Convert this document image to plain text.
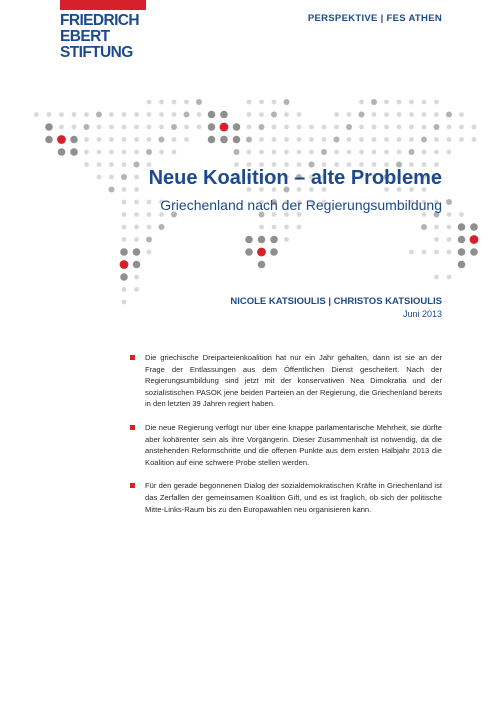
FRIEDRICH
EBERT
STIFTUNG
PERSPEKTIVE | FES ATHEN
Neue Koalition – alte Probleme
Griechenland nach der Regierungsumbildung
NICOLE KATSIOULIS | CHRISTOS KATSIOULIS
Juni 2013

Die griechische Dreiparteienkoalition hat nur ein Jahr gehalten, dann ist sie an der Frage der Entlassungen aus dem Öffentlichen Dienst gescheitert. Nach der Regierungsumbildung sind jetzt mit der konservativen Nea Dimokratia und der sozialistischen PASOK jene beiden Parteien an der Regierung, die Griechenland bereits in den letzten 39 Jahren regiert haben.

Die neue Regierung verfügt nur über eine knappe parlamentarische Mehrheit, sie dürfte aber kohärenter sein als ihre Vorgängerin. Dieser Zusammenhalt ist notwendig, da die anstehenden Reformschritte und die offenen Punkte aus dem ersten Halbjahr 2013 die Koalition auf eine schwere Probe stellen werden.

Für den gerade begonnenen Dialog der sozialdemokratischen Kräfte in Griechenland ist das Zerfallen der gemeinsamen Koalition Gift, und es ist fraglich, ob sich der politische Mitte-Links-Raum bis zu den Europawahlen neu organisieren kann.
